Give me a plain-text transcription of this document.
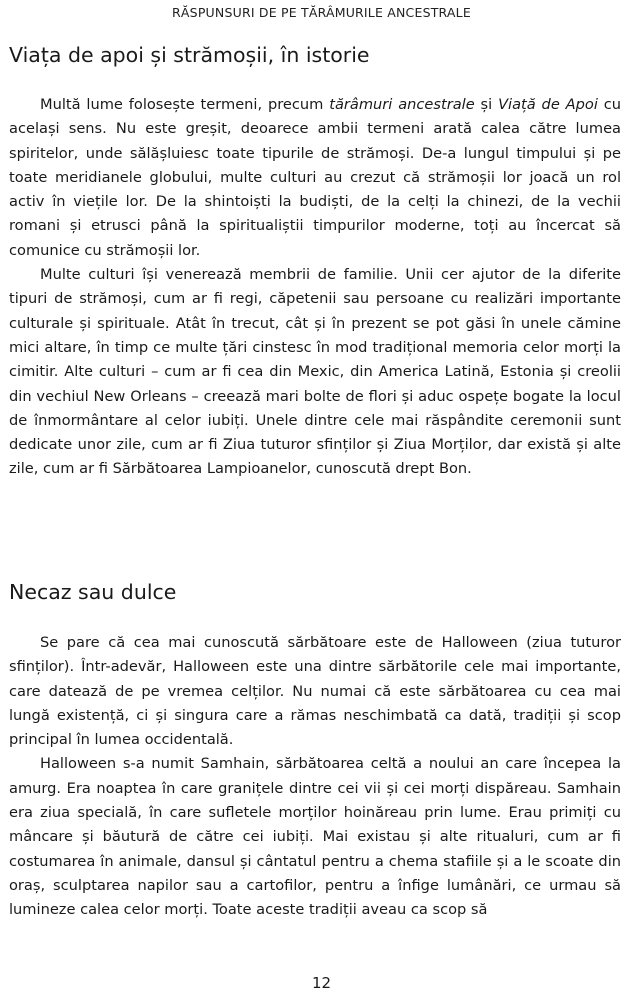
RĂSPUNSURI DE PE TĂRÂMURILE ANCESTRALE
Viața de apoi și strămoșii, în istorie

Multă lume folosește termeni, precum tărâmuri ancestrale și Viață de Apoi cu același sens. Nu este greșit, deoarece ambii termeni arată calea către lumea spiritelor, unde sălășluiesc toate tipurile de strămoși. De-a lungul timpului și pe toate meridianele globului, multe culturi au crezut că strămoșii lor joacă un rol activ în viețile lor. De la shintoiști la budiști, de la celți la chinezi, de la vechii romani și etrusci până la spiritualiștii timpurilor moderne, toți au încercat să comunice cu strămoșii lor.

Multe culturi își venerează membrii de familie. Unii cer ajutor de la diferite tipuri de strămoși, cum ar fi regi, căpetenii sau persoane cu realizări importante culturale și spirituale. Atât în trecut, cât și în prezent se pot găsi în unele cămine mici altare, în timp ce multe țări cinstesc în mod tradițional memoria celor morți la cimitir. Alte culturi – cum ar fi cea din Mexic, din America Latină, Estonia și creolii din vechiul New Orleans – creează mari bolte de flori și aduc ospețe bogate la locul de înmormântare al celor iubiți. Unele dintre cele mai răspândite ceremonii sunt dedicate unor zile, cum ar fi Ziua tuturor sfinților și Ziua Morților, dar există și alte zile, cum ar fi Sărbătoarea Lampioanelor, cunoscută drept Bon.

Necaz sau dulce

Se pare că cea mai cunoscută sărbătoare este de Halloween (ziua tuturor sfinților). Într-adevăr, Halloween este una dintre sărbătorile cele mai importante, care datează de pe vremea celților. Nu numai că este sărbătoarea cu cea mai lungă existență, ci și singura care a rămas neschimbată ca dată, tradiții și scop principal în lumea occidentală.

Halloween s-a numit Samhain, sărbătoarea celtă a noului an care începea la amurg. Era noaptea în care granițele dintre cei vii și cei morți dispăreau. Samhain era ziua specială, în care sufletele morților hoinăreau prin lume. Erau primiți cu mâncare și băutură de către cei iubiți. Mai existau și alte ritualuri, cum ar fi costumarea în animale, dansul și cântatul pentru a chema stafiile și a le scoate din oraș, sculptarea napilor sau a cartofilor, pentru a înfige lumânări, ce urmau să lumineze calea celor morți. Toate aceste tradiții aveau ca scop să

12
